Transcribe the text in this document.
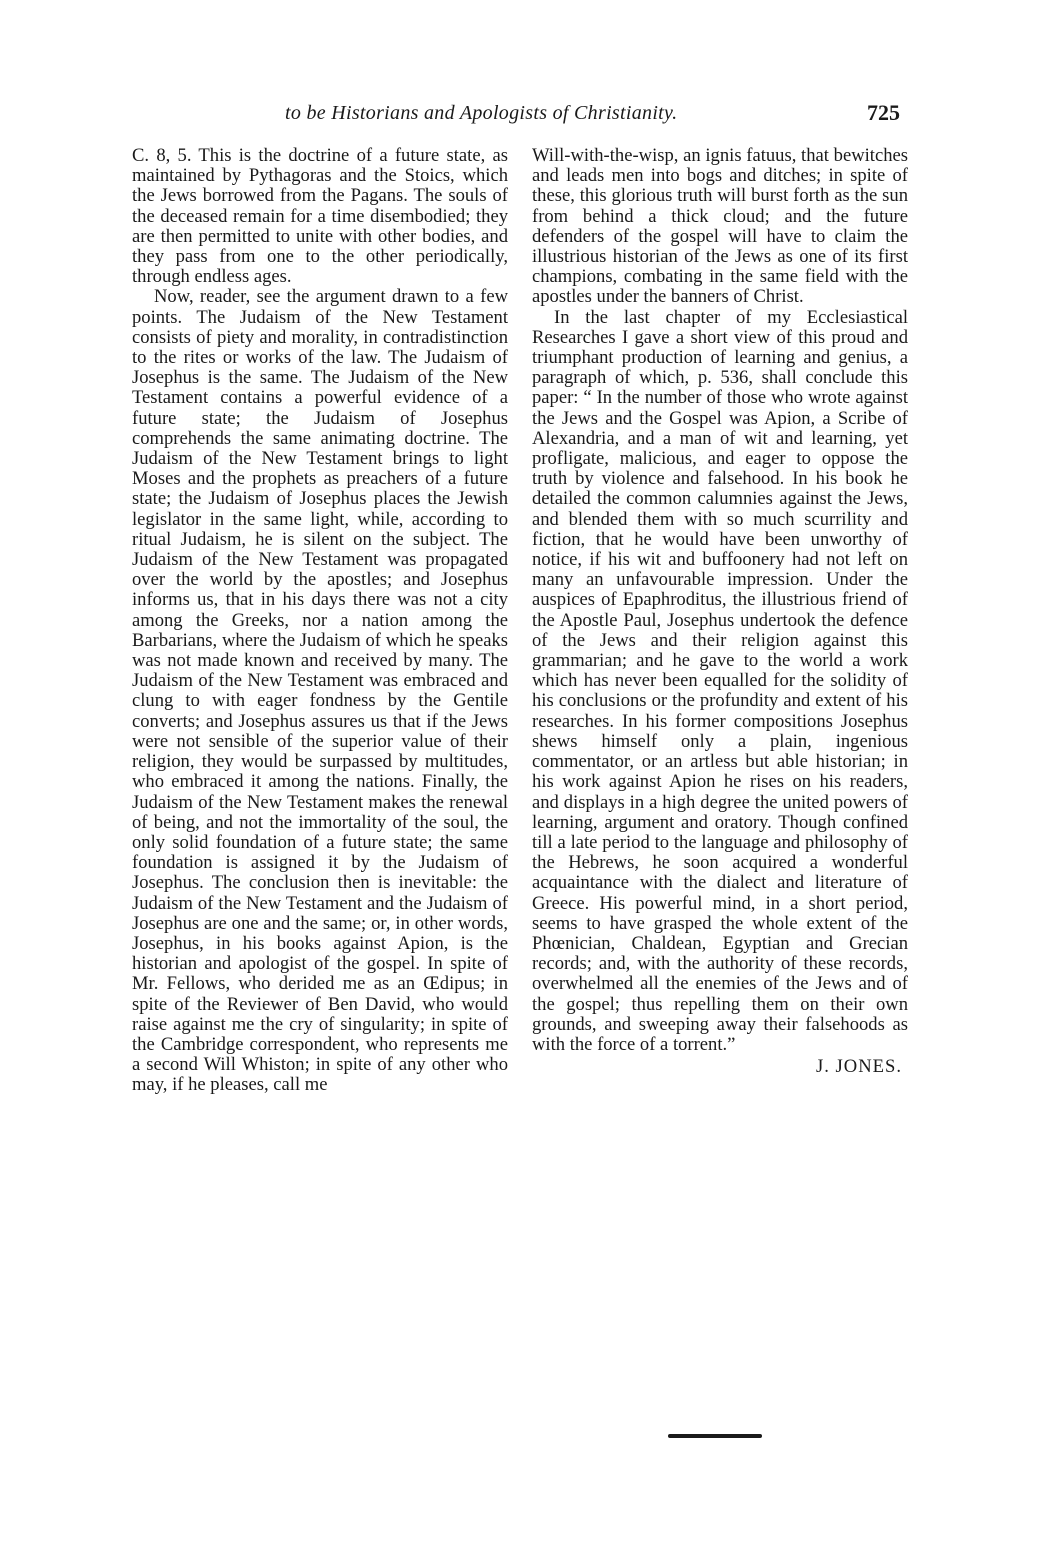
to be Historians and Apologists of Christianity.	725

C. 8, 5. This is the doctrine of a future state, as maintained by Pythagoras and the Stoics, which the Jews borrowed from the Pagans. The souls of the deceased remain for a time disembodied; they are then permitted to unite with other bodies, and they pass from one to the other periodically, through endless ages.

Now, reader, see the argument drawn to a few points. The Judaism of the New Testament consists of piety and morality, in contradistinction to the rites or works of the law. The Judaism of Josephus is the same. The Judaism of the New Testament contains a powerful evidence of a future state; the Judaism of Josephus comprehends the same animating doctrine. The Judaism of the New Testament brings to light Moses and the prophets as preachers of a future state; the Judaism of Josephus places the Jewish legislator in the same light, while, according to ritual Judaism, he is silent on the subject. The Judaism of the New Testament was propagated over the world by the apostles; and Josephus informs us, that in his days there was not a city among the Greeks, nor a nation among the Barbarians, where the Judaism of which he speaks was not made known and received by many. The Judaism of the New Testament was embraced and clung to with eager fondness by the Gentile converts; and Josephus assures us that if the Jews were not sensible of the superior value of their religion, they would be surpassed by multitudes, who embraced it among the nations. Finally, the Judaism of the New Testament makes the renewal of being, and not the immortality of the soul, the only solid foundation of a future state; the same foundation is assigned it by the Judaism of Josephus. The conclusion then is inevitable: the Judaism of the New Testament and the Judaism of Josephus are one and the same; or, in other words, Josephus, in his books against Apion, is the historian and apologist of the gospel. In spite of Mr. Fellows, who derided me as an Œdipus; in spite of the Reviewer of Ben David, who would raise against me the cry of singularity; in spite of the Cambridge correspondent, who represents me a second Will Whiston; in spite of any other who may, if he pleases, call me

Will-with-the-wisp, an ignis fatuus, that bewitches and leads men into bogs and ditches; in spite of these, this glorious truth will burst forth as the sun from behind a thick cloud; and the future defenders of the gospel will have to claim the illustrious historian of the Jews as one of its first champions, combating in the same field with the apostles under the banners of Christ.

In the last chapter of my Ecclesiastical Researches I gave a short view of this proud and triumphant production of learning and genius, a paragraph of which, p. 536, shall conclude this paper: “ In the number of those who wrote against the Jews and the Gospel was Apion, a Scribe of Alexandria, and a man of wit and learning, yet profligate, malicious, and eager to oppose the truth by violence and falsehood. In his book he detailed the common calumnies against the Jews, and blended them with so much scurrility and fiction, that he would have been unworthy of notice, if his wit and buffoonery had not left on many an unfavourable impression. Under the auspices of Epaphroditus, the illustrious friend of the Apostle Paul, Josephus undertook the defence of the Jews and their religion against this grammarian; and he gave to the world a work which has never been equalled for the solidity of his conclusions or the profundity and extent of his researches. In his former compositions Josephus shews himself only a plain, ingenious commentator, or an artless but able historian; in his work against Apion he rises on his readers, and displays in a high degree the united powers of learning, argument and oratory. Though confined till a late period to the language and philosophy of the Hebrews, he soon acquired a wonderful acquaintance with the dialect and literature of Greece. His powerful mind, in a short period, seems to have grasped the whole extent of the Phœnician, Chaldean, Egyptian and Grecian records; and, with the authority of these records, overwhelmed all the enemies of the Jews and of the gospel; thus repelling them on their own grounds, and sweeping away their falsehoods as with the force of a torrent.”

J. JONES.
